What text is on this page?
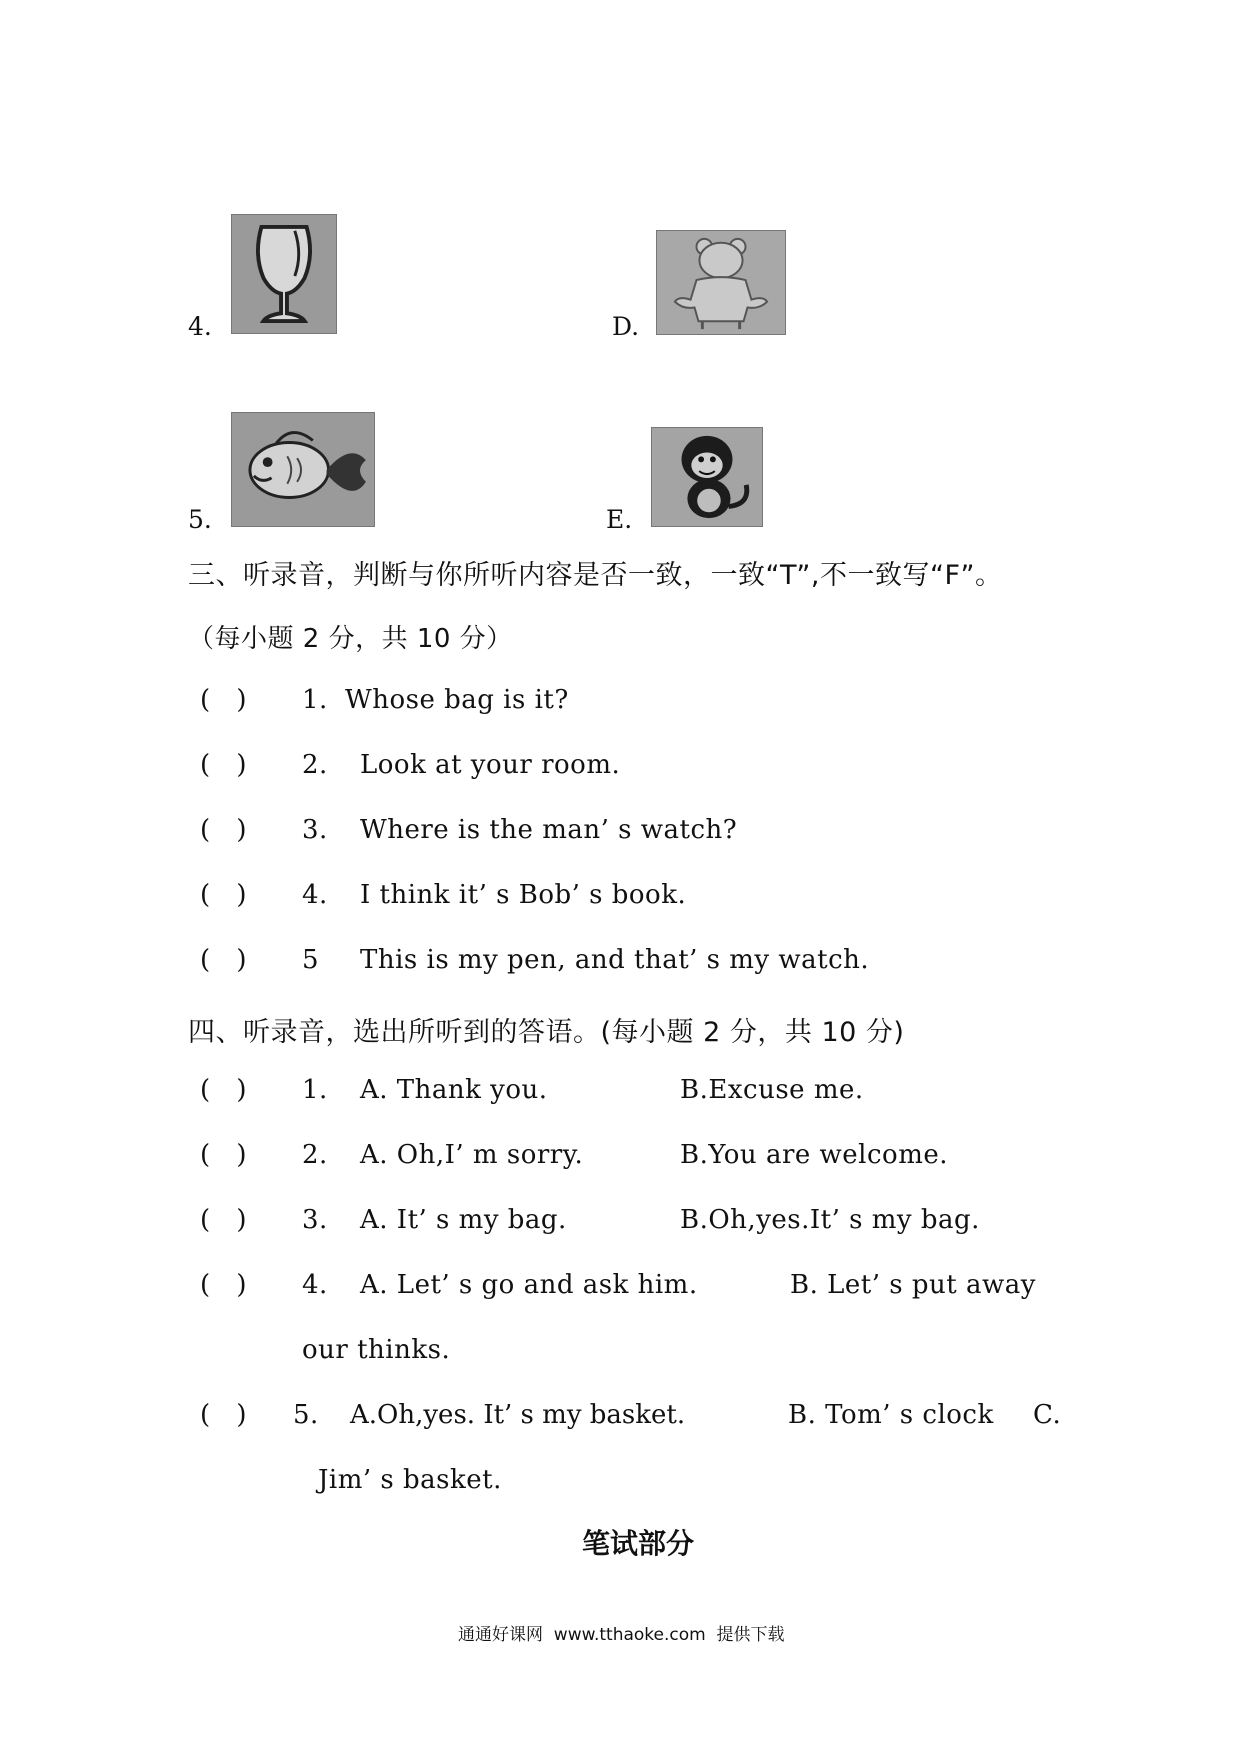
4.	D.
5.	E.
三、听录音，判断与你所听内容是否一致，一致“T”,不一致写“F”。
（每小题 2 分，共 10 分）
( ) 1. Whose bag is it?
( ) 2. Look at your room.
( ) 3. Where is the man’ s watch?
( ) 4. I think it’ s Bob’ s book.
( ) 5 This is my pen, and that’ s my watch.
四、听录音，选出所听到的答语。(每小题 2 分，共 10 分)
( ) 1. A. Thank you.	B.Excuse me.
( ) 2. A. Oh,I’ m sorry.	B.You are welcome.
( ) 3. A. It’ s my bag.	B.Oh,yes.It’ s my bag.
( ) 4. A. Let’ s go and ask him.	B. Let’ s put away
our thinks.
( ) 5. A.Oh,yes. It’ s my basket.	B. Tom’ s clock C.
Jim’ s basket.
笔试部分
通通好课网  www.tthaoke.com  提供下载
